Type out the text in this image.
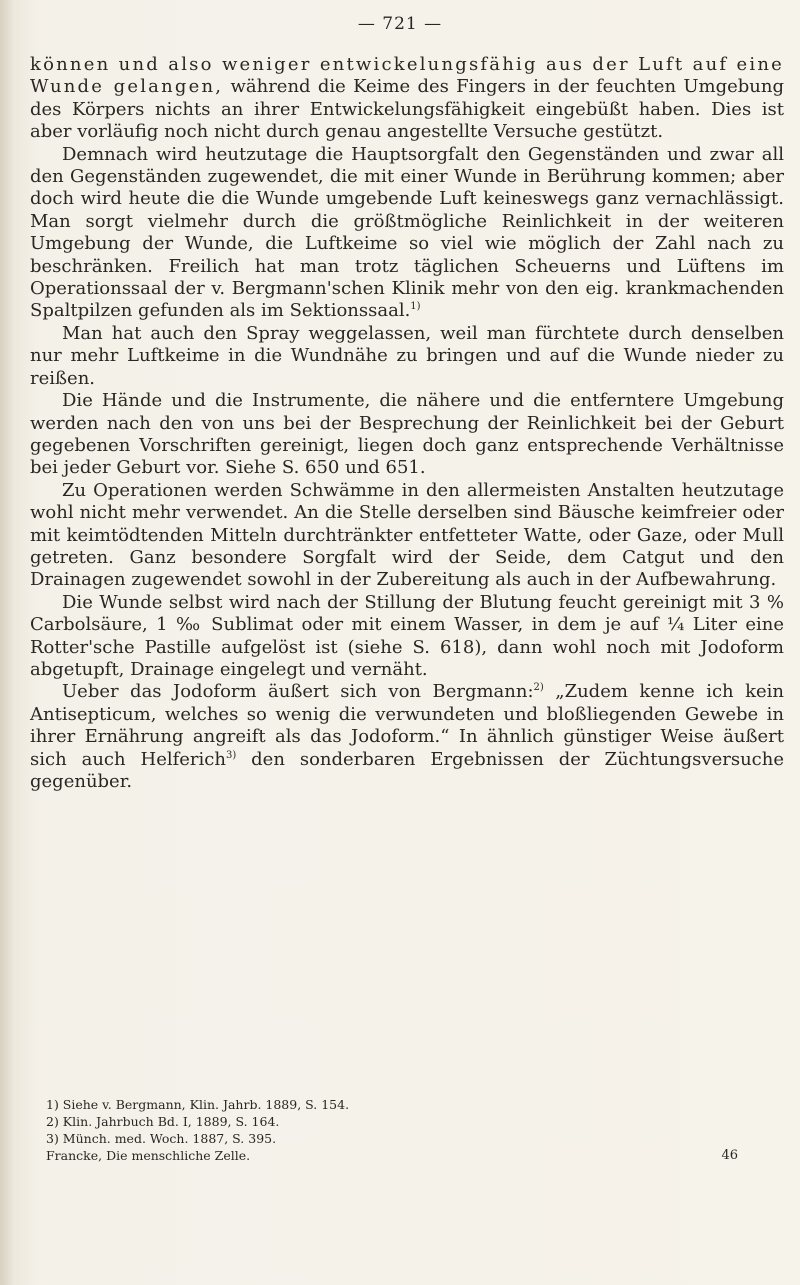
— 721 —

können und also weniger entwickelungsfähig aus der Luft auf eine Wunde gelangen, während die Keime des Fingers in der feuchten Umgebung des Körpers nichts an ihrer Entwickelungsfähigkeit eingebüßt haben. Dies ist aber vorläufig noch nicht durch genau angestellte Versuche gestützt.

Demnach wird heutzutage die Hauptsorgfalt den Gegenständen und zwar all den Gegenständen zugewendet, die mit einer Wunde in Berührung kommen; aber doch wird heute die die Wunde umgebende Luft keineswegs ganz vernachlässigt. Man sorgt vielmehr durch die größtmögliche Reinlichkeit in der weiteren Umgebung der Wunde, die Luftkeime so viel wie möglich der Zahl nach zu beschränken. Freilich hat man trotz täglichen Scheuerns und Lüftens im Operationssaal der v. Bergmann'schen Klinik mehr von den eig. krankmachenden Spaltpilzen gefunden als im Sektionssaal.$^{1)}$

Man hat auch den Spray weggelassen, weil man fürchtete durch denselben nur mehr Luftkeime in die Wundnähe zu bringen und auf die Wunde nieder zu reißen.

Die Hände und die Instrumente, die nähere und die entferntere Umgebung werden nach den von uns bei der Besprechung der Reinlichkeit bei der Geburt gegebenen Vorschriften gereinigt, liegen doch ganz entsprechende Verhältnisse bei jeder Geburt vor. Siehe S. 650 und 651.

Zu Operationen werden Schwämme in den allermeisten Anstalten heutzutage wohl nicht mehr verwendet. An die Stelle derselben sind Bäusche keimfreier oder mit keimtödtenden Mitteln durchtränkter entfetteter Watte, oder Gaze, oder Mull getreten. Ganz besondere Sorgfalt wird der Seide, dem Catgut und den Drainagen zugewendet sowohl in der Zubereitung als auch in der Aufbewahrung.

Die Wunde selbst wird nach der Stillung der Blutung feucht gereinigt mit 3 % Carbolsäure, 1 ‰ Sublimat oder mit einem Wasser, in dem je auf ¼ Liter eine Rotter'sche Pastille aufgelöst ist (siehe S. 618), dann wohl noch mit Jodoform abgetupft, Drainage eingelegt und vernäht.

Ueber das Jodoform äußert sich von Bergmann:$^{2)}$ „Zudem kenne ich kein Antisepticum, welches so wenig die verwundeten und bloßliegenden Gewebe in ihrer Ernährung angreift als das Jodoform.“ In ähnlich günstiger Weise äußert sich auch Helferich$^{3)}$ den sonderbaren Ergebnissen der Züchtungsversuche gegenüber.

1) Siehe v. Bergmann, Klin. Jahrb. 1889, S. 154.
2) Klin. Jahrbuch Bd. I, 1889, S. 164.
3) Münch. med. Woch. 1887, S. 395.
Francke, Die menschliche Zelle.	46
